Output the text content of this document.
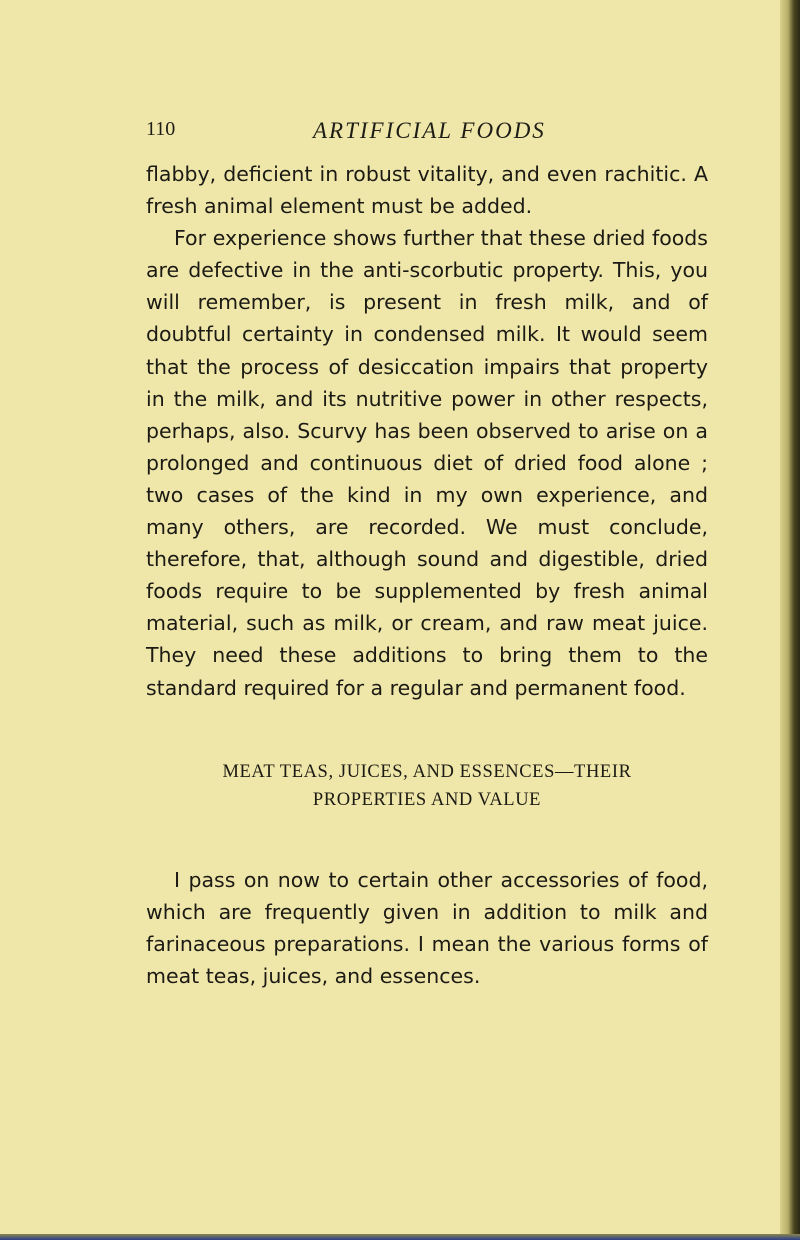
110	ARTIFICIAL FOODS

flabby, deficient in robust vitality, and even rachitic. A fresh animal element must be added.

For experience shows further that these dried foods are defective in the anti-scorbutic property. This, you will remember, is present in fresh milk, and of doubtful certainty in condensed milk. It would seem that the process of desiccation impairs that property in the milk, and its nutritive power in other respects, perhaps, also. Scurvy has been observed to arise on a prolonged and continuous diet of dried food alone ; two cases of the kind in my own experience, and many others, are recorded. We must conclude, therefore, that, although sound and digestible, dried foods require to be supplemented by fresh animal material, such as milk, or cream, and raw meat juice. They need these additions to bring them to the standard required for a regular and permanent food.

MEAT TEAS, JUICES, AND ESSENCES—THEIR
PROPERTIES AND VALUE

I pass on now to certain other accessories of food, which are frequently given in addition to milk and farinaceous preparations. I mean the various forms of meat teas, juices, and essences.
